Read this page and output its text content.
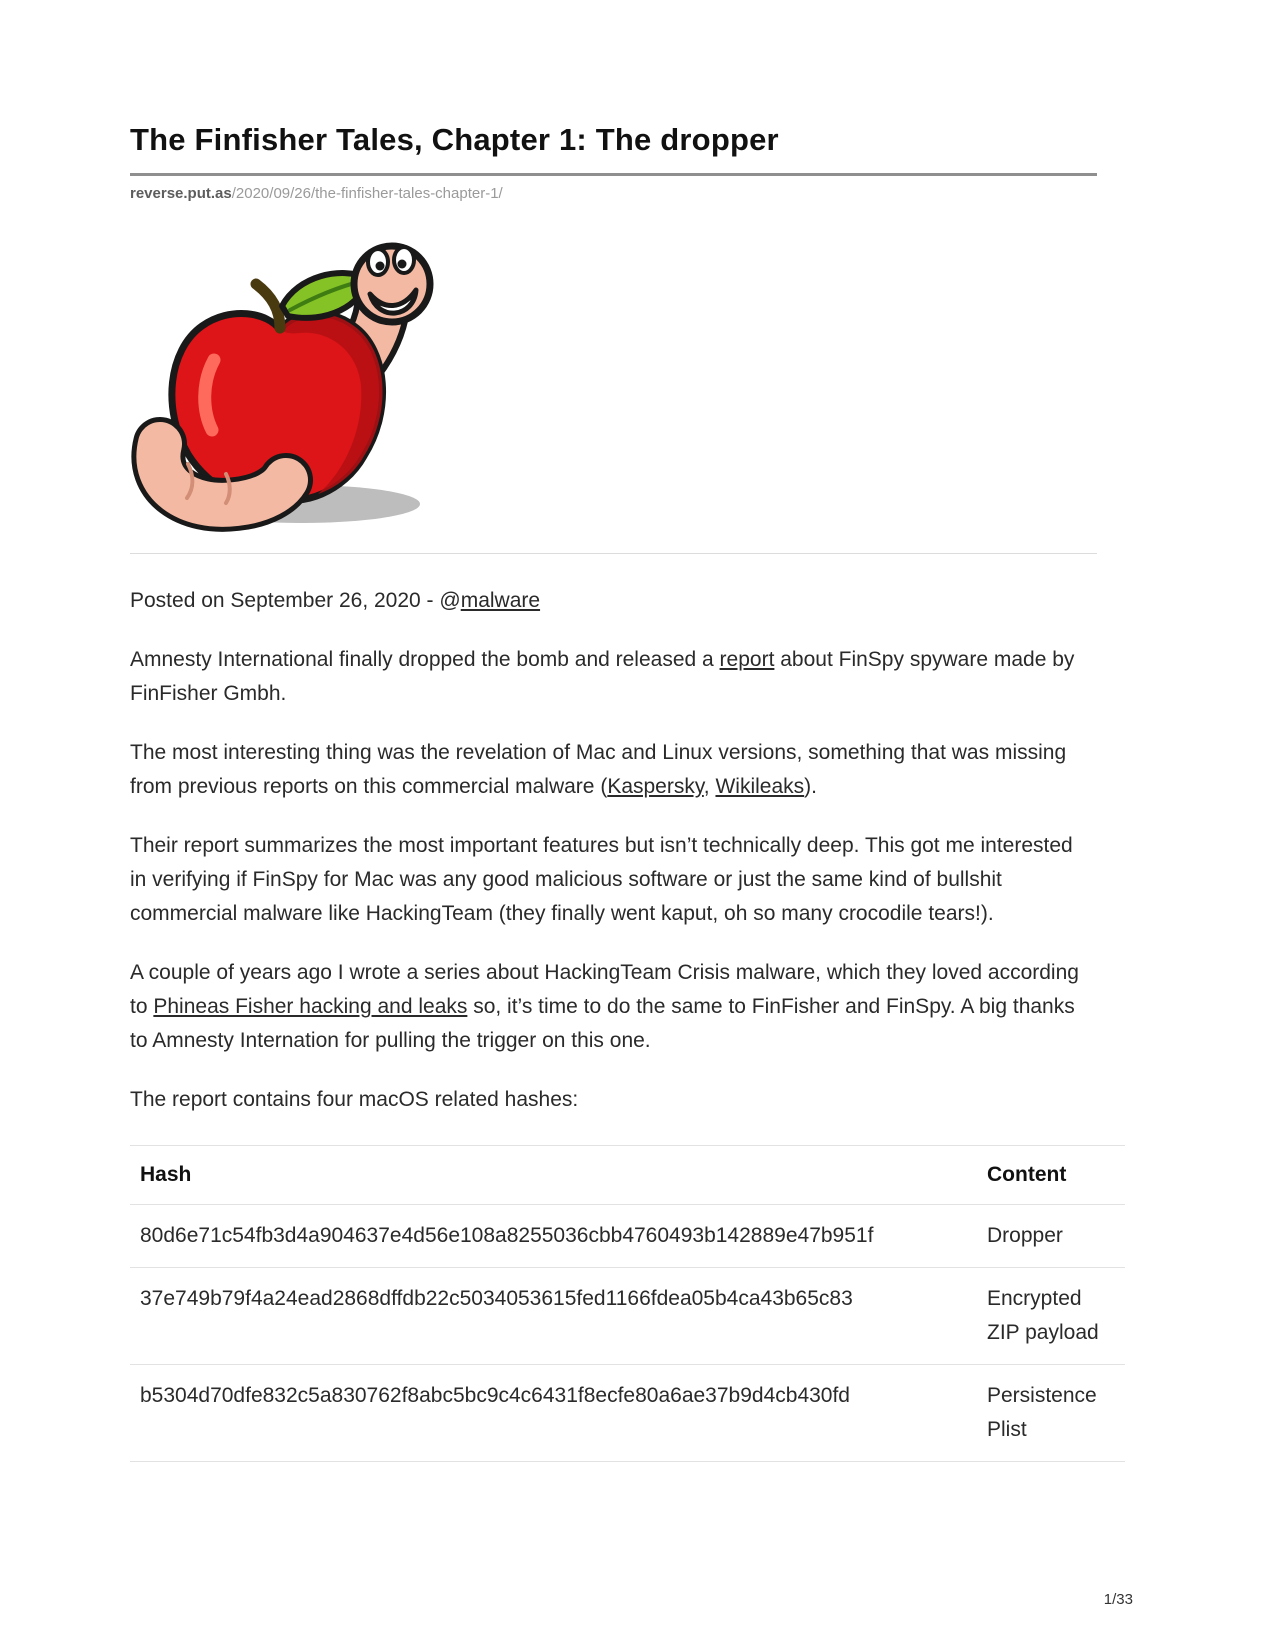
The Finfisher Tales, Chapter 1: The dropper
reverse.put.as/2020/09/26/the-finfisher-tales-chapter-1/

Posted on September 26, 2020 - @malware

Amnesty International finally dropped the bomb and released a report about FinSpy spyware made by FinFisher Gmbh.

The most interesting thing was the revelation of Mac and Linux versions, something that was missing from previous reports on this commercial malware (Kaspersky, Wikileaks).

Their report summarizes the most important features but isn’t technically deep. This got me interested in verifying if FinSpy for Mac was any good malicious software or just the same kind of bullshit commercial malware like HackingTeam (they finally went kaput, oh so many crocodile tears!).

A couple of years ago I wrote a series about HackingTeam Crisis malware, which they loved according to Phineas Fisher hacking and leaks so, it’s time to do the same to FinFisher and FinSpy. A big thanks to Amnesty Internation for pulling the trigger on this one.

The report contains four macOS related hashes:

Hash	Content
80d6e71c54fb3d4a904637e4d56e108a8255036cbb4760493b142889e47b951f	Dropper
37e749b79f4a24ead2868dffdb22c5034053615fed1166fdea05b4ca43b65c83	Encrypted ZIP payload
b5304d70dfe832c5a830762f8abc5bc9c4c6431f8ecfe80a6ae37b9d4cb430fd	Persistence Plist
1/33
